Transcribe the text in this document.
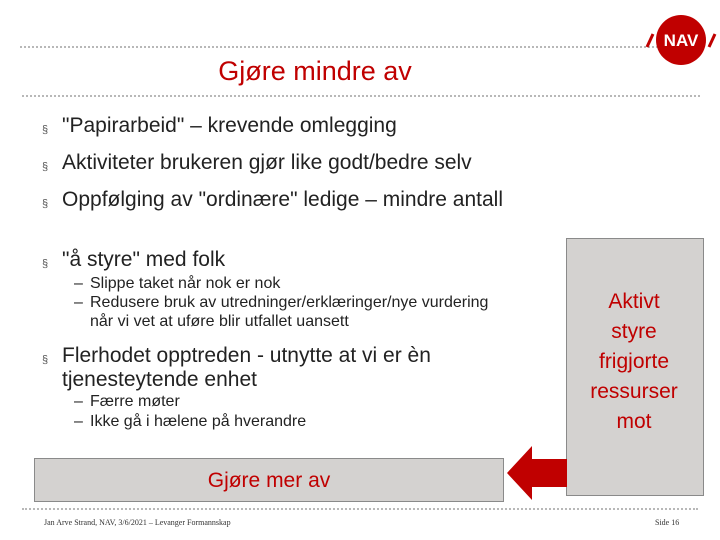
NAV
Gjøre mindre av
§ "Papirarbeid" – krevende omlegging
§ Aktiviteter brukeren gjør like godt/bedre selv
§ Oppfølging av "ordinære" ledige – mindre antall
§ "å styre" med folk
– Slippe taket når nok er nok
– Redusere bruk av utredninger/erklæringer/nye vurdering når vi vet at uføre blir utfallet uansett
§ Flerhodet opptreden - utnytte at vi er èn tjenesteytende enhet
– Færre møter
– Ikke gå i hælene på hverandre
Aktivt
styre
frigjorte
ressurser
mot
Gjøre mer av
Jan Arve Strand, NAV, 3/6/2021 – Levanger Formannskap	Side 16
